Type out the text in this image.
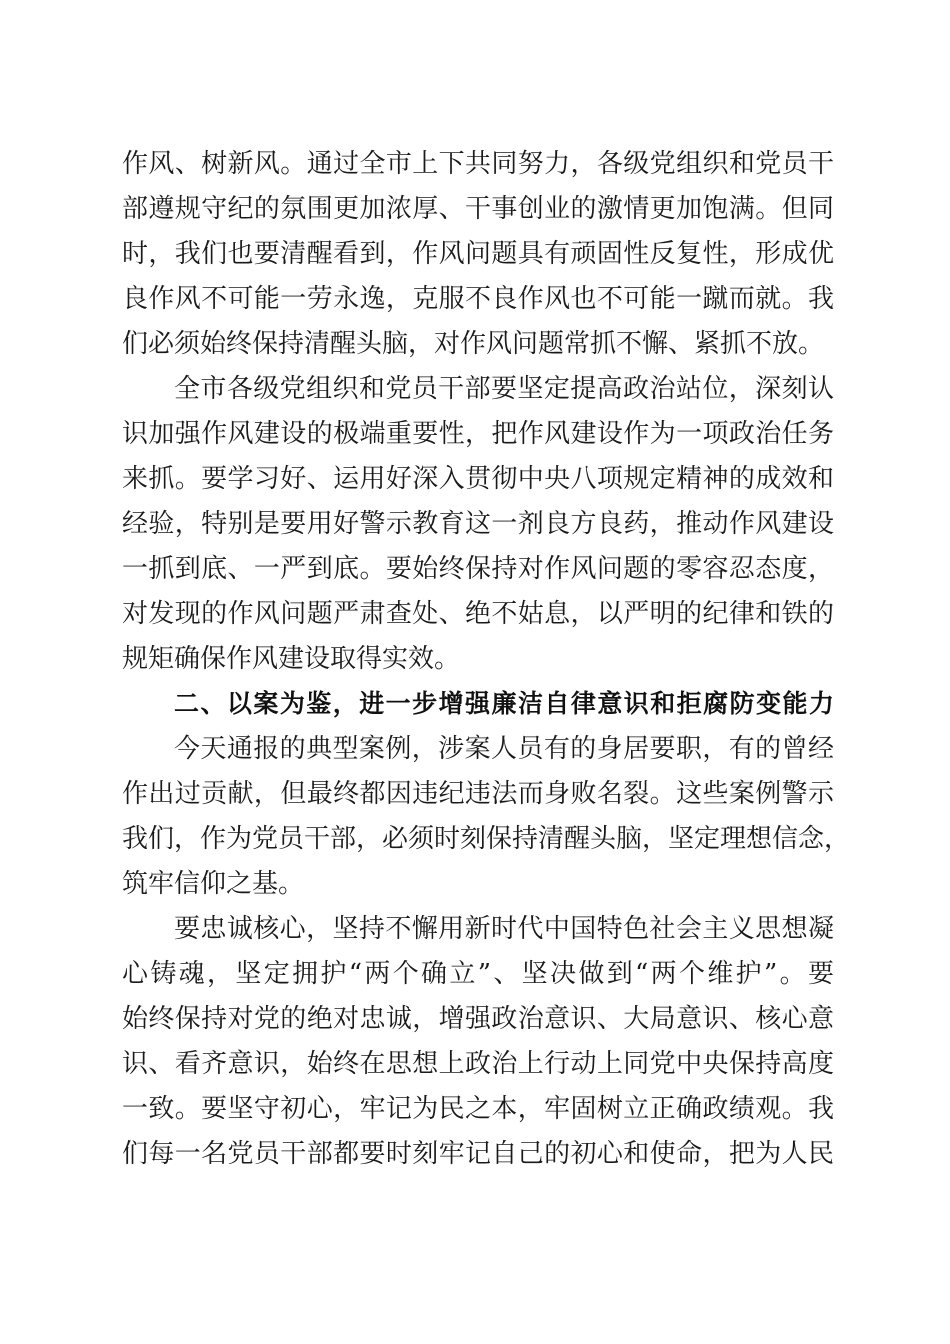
作风、树新风。通过全市上下共同努力，各级党组织和党员干
部遵规守纪的氛围更加浓厚、干事创业的激情更加饱满。但同
时，我们也要清醒看到，作风问题具有顽固性反复性，形成优
良作风不可能一劳永逸，克服不良作风也不可能一蹴而就。我
们必须始终保持清醒头脑，对作风问题常抓不懈、紧抓不放。
全市各级党组织和党员干部要坚定提高政治站位，深刻认
识加强作风建设的极端重要性，把作风建设作为一项政治任务
来抓。要学习好、运用好深入贯彻中央八项规定精神的成效和
经验，特别是要用好警示教育这一剂良方良药，推动作风建设
一抓到底、一严到底。要始终保持对作风问题的零容忍态度，
对发现的作风问题严肃查处、绝不姑息，以严明的纪律和铁的
规矩确保作风建设取得实效。
二、以案为鉴，进一步增强廉洁自律意识和拒腐防变能力
今天通报的典型案例，涉案人员有的身居要职，有的曾经
作出过贡献，但最终都因违纪违法而身败名裂。这些案例警示
我们，作为党员干部，必须时刻保持清醒头脑，坚定理想信念，
筑牢信仰之基。
要忠诚核心，坚持不懈用新时代中国特色社会主义思想凝
心铸魂，坚定拥护“两个确立”、坚决做到“两个维护”。要
始终保持对党的绝对忠诚，增强政治意识、大局意识、核心意
识、看齐意识，始终在思想上政治上行动上同党中央保持高度
一致。要坚守初心，牢记为民之本，牢固树立正确政绩观。我
们每一名党员干部都要时刻牢记自己的初心和使命，把为人民
